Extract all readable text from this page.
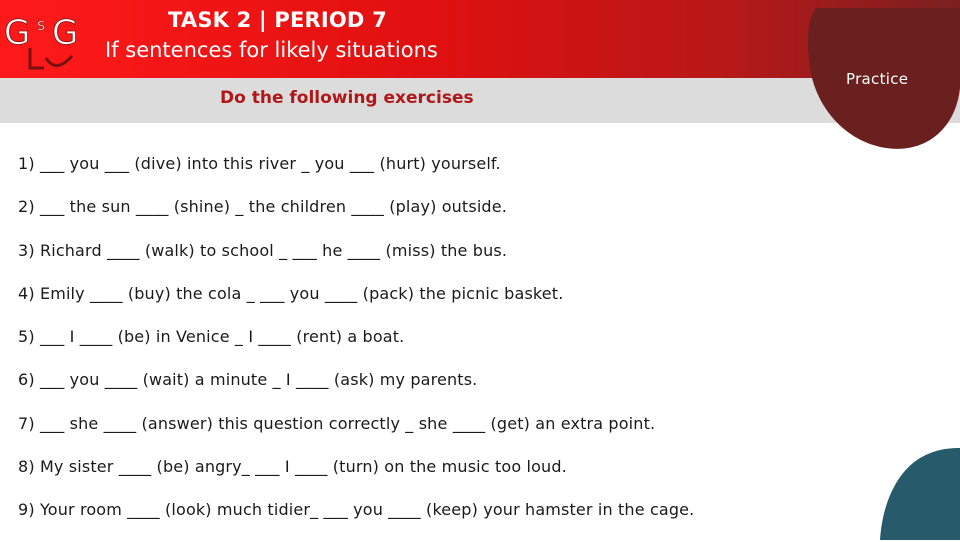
G s G	TASK 2 | PERIOD 7
If sentences for likely situations
Do the following exercises
Practice
1) ___ you ___ (dive) into this river _ you ___ (hurt) yourself.
2) ___ the sun ____ (shine) _ the children ____ (play) outside.
3) Richard ____ (walk) to school _ ___ he ____ (miss) the bus.
4) Emily ____ (buy) the cola _ ___ you ____ (pack) the picnic basket.
5) ___ I ____ (be) in Venice _ I ____ (rent) a boat.
6) ___ you ____ (wait) a minute _ I ____ (ask) my parents.
7) ___ she ____ (answer) this question correctly _ she ____ (get) an extra point.
8) My sister ____ (be) angry_ ___ I ____ (turn) on the music too loud.
9) Your room ____ (look) much tidier_ ___ you ____ (keep) your hamster in the cage.
